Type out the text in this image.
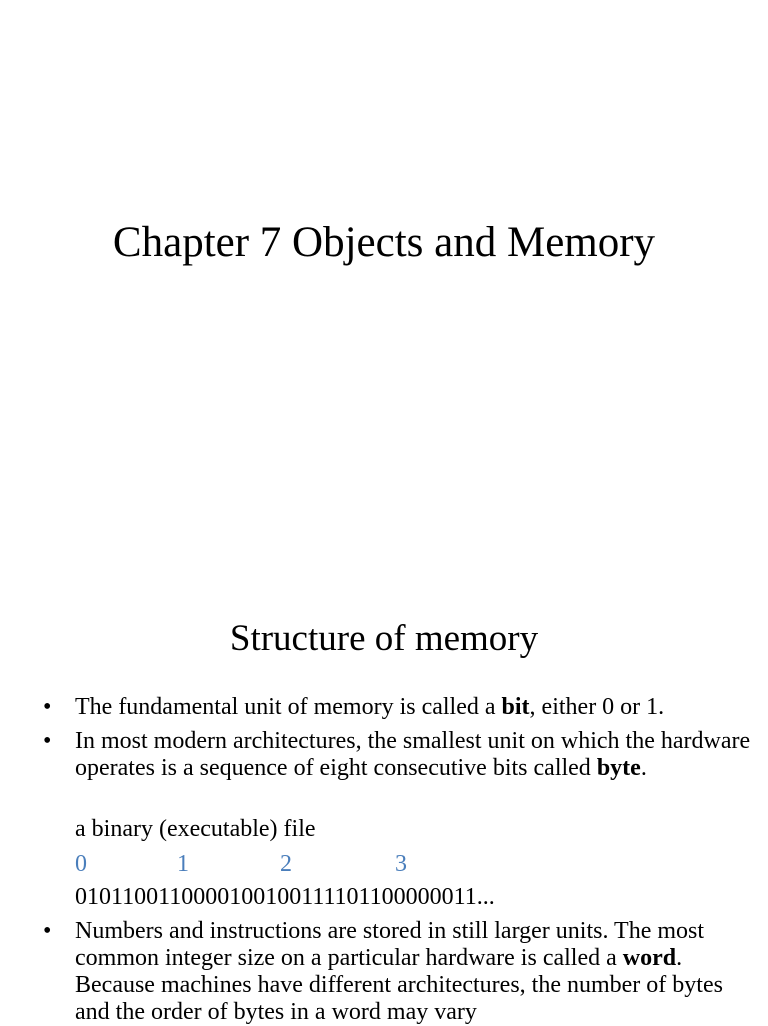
Chapter 7 Objects and Memory
Structure of memory
• The fundamental unit of memory is called a bit, either 0 or 1.
• In most modern architectures, the smallest unit on which the hardware operates is a sequence of eight consecutive bits called byte.
a binary (executable) file
0	1	2	3
0101100110000100100111101100000011...
• Numbers and instructions are stored in still larger units. The most common integer size on a particular hardware is called a word. Because machines have different architectures, the number of bytes and the order of bytes in a word may vary
